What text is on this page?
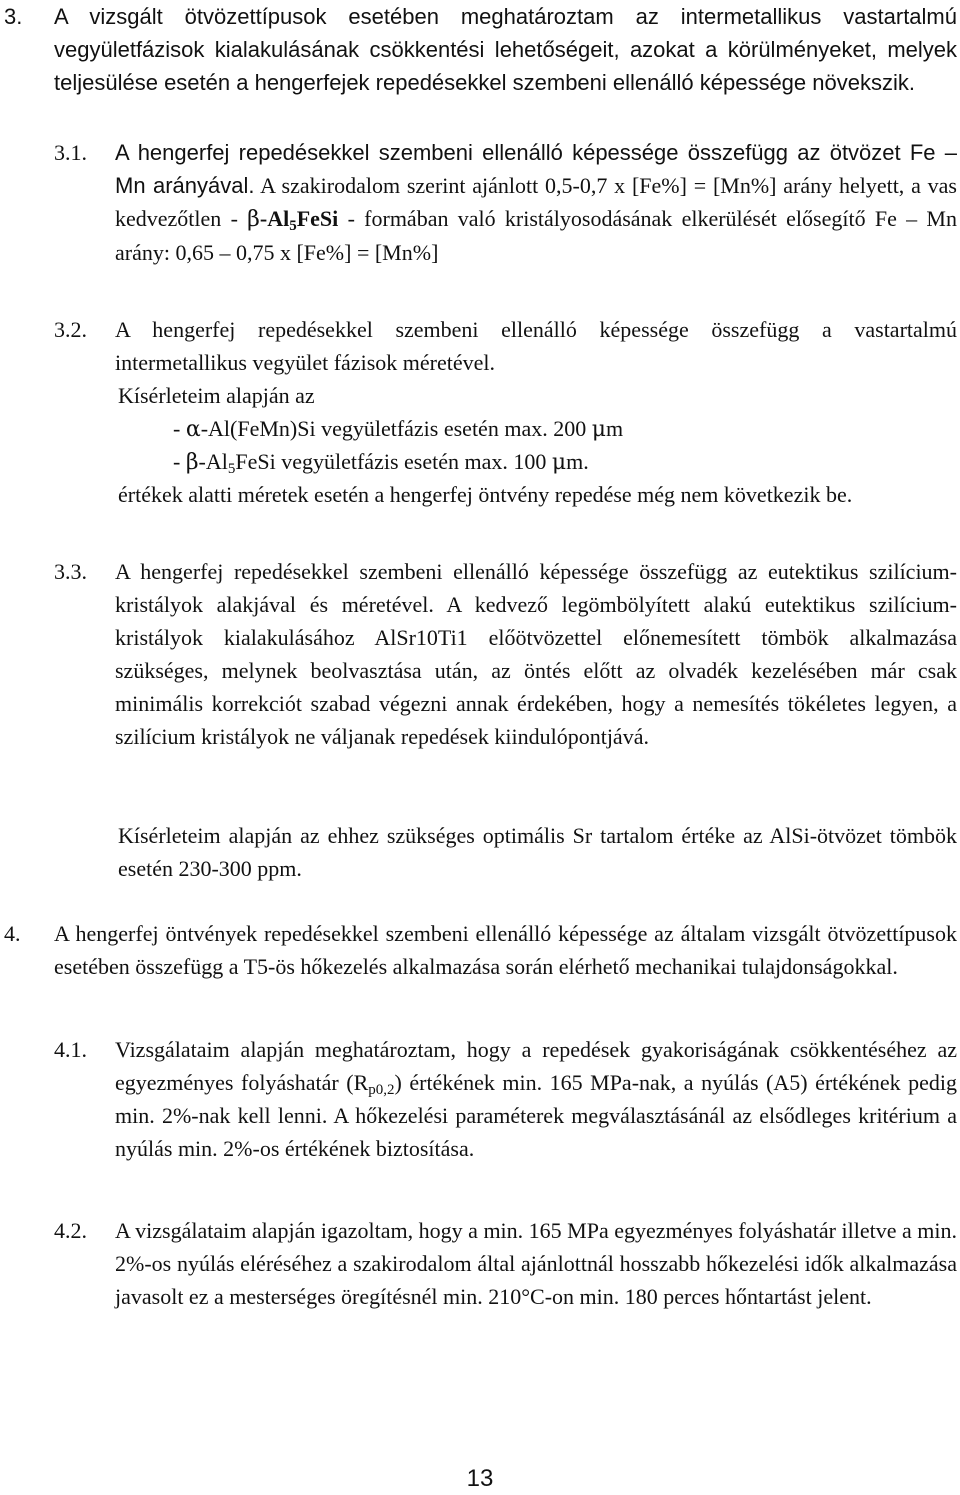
3. A vizsgált ötvözettípusok esetében meghatároztam az intermetallikus vastartalmú vegyületfázisok kialakulásának csökkentési lehetőségeit, azokat a körülményeket, melyek teljesülése esetén a hengerfejek repedésekkel szembeni ellenálló képessége növekszik.

3.1. A hengerfej repedésekkel szembeni ellenálló képessége összefügg az ötvözet Fe – Mn arányával. A szakirodalom szerint ajánlott 0,5-0,7 x [Fe%] = [Mn%] arány helyett, a vas kedvezőtlen - $\beta-Al_5FeSi$ - formában való kristályosodásának elkerülését elősegítő Fe – Mn arány: 0,65 – 0,75 x [Fe%] = [Mn%]

3.2. A hengerfej repedésekkel szembeni ellenálló képessége összefügg a vastartalmú intermetallikus vegyület fázisok méretével.

Kísérleteim alapján az
- α-Al(FeMn)Si vegyületfázis esetén max. 200 μm
- $\beta-Al_5FeSi$ vegyületfázis esetén max. 100 μm.

értékek alatti méretek esetén a hengerfej öntvény repedése még nem következik be.

3.3. A hengerfej repedésekkel szembeni ellenálló képessége összefügg az eutektikus szilícium-kristályok alakjával és méretével. A kedvező legömbölyített alakú eutektikus szilícium-kristályok kialakulásához AlSr10Ti1 előötvözettel előnemesített tömbök alkalmazása szükséges, melynek beolvasztása után, az öntés előtt az olvadék kezelésében már csak minimális korrekciót szabad végezni annak érdekében, hogy a nemesítés tökéletes legyen, a szilícium kristályok ne váljanak repedések kiindulópontjává.

Kísérleteim alapján az ehhez szükséges optimális Sr tartalom értéke az AlSi-ötvözet tömbök esetén 230-300 ppm.

4. A hengerfej öntvények repedésekkel szembeni ellenálló képessége az általam vizsgált ötvözettípusok esetében összefügg a T5-ös hőkezelés alkalmazása során elérhető mechanikai tulajdonságokkal.

4.1. Vizsgálataim alapján meghatároztam, hogy a repedések gyakoriságának csökkentéséhez az egyezményes folyáshatár $(R_{p0,2})$ értékének min. 165 MPa-nak, a nyúlás (A5) értékének pedig min. 2%-nak kell lenni. A hőkezelési paraméterek megválasztásánál az elsődleges kritérium a nyúlás min. 2%-os értékének biztosítása.

4.2. A vizsgálataim alapján igazoltam, hogy a min. 165 MPa egyezményes folyáshatár illetve a min. 2%-os nyúlás eléréséhez a szakirodalom által ajánlottnál hosszabb hőkezelési idők alkalmazása javasolt ez a mesterséges öregítésnél min. 210°C-on min. 180 perces hőntartást jelent.

13
